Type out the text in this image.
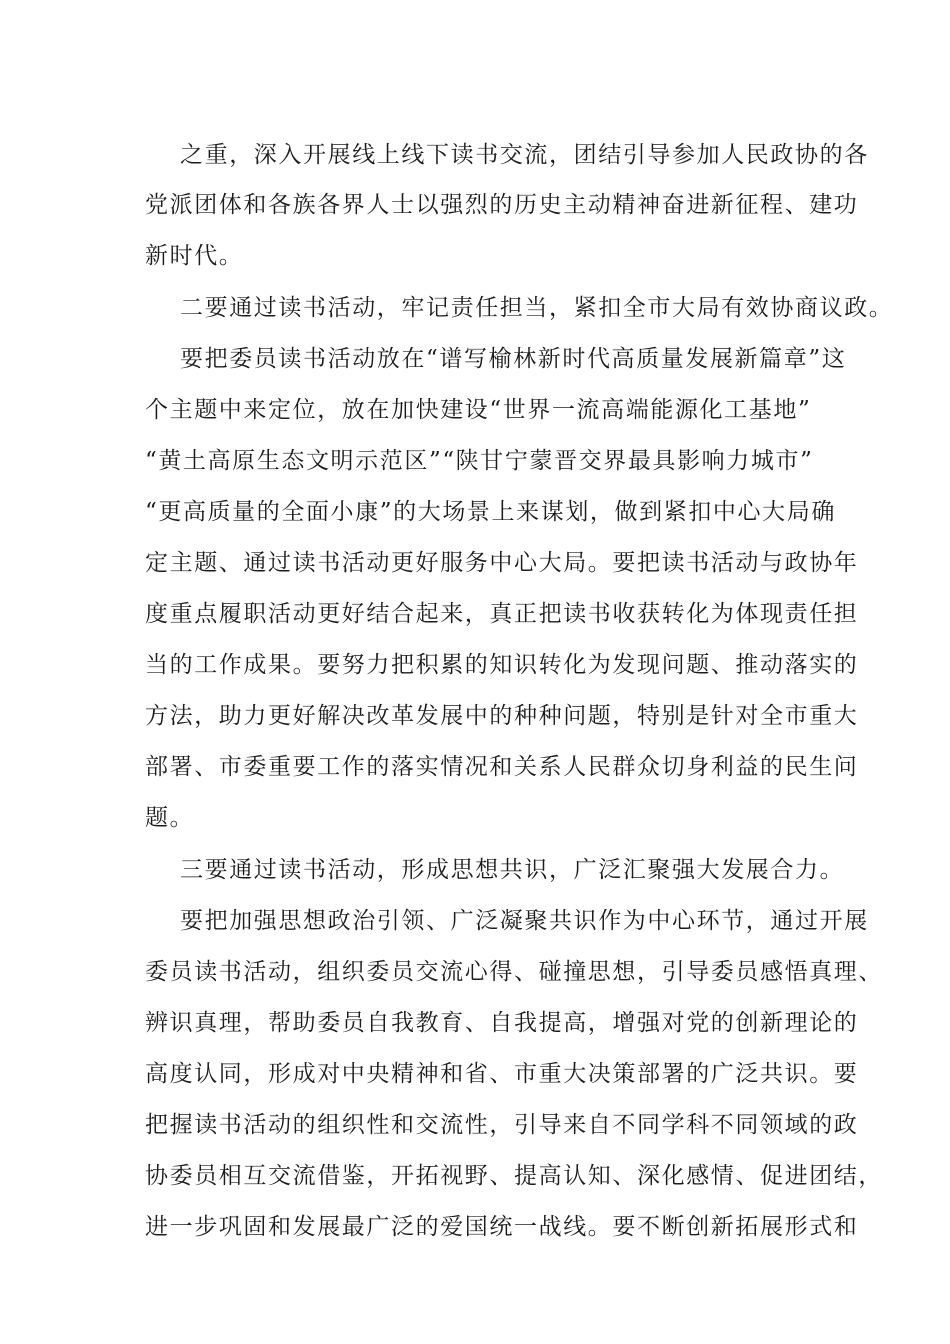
之重，深入开展线上线下读书交流，团结引导参加人民政协的各
党派团体和各族各界人士以强烈的历史主动精神奋进新征程、建功
新时代。
二要通过读书活动，牢记责任担当，紧扣全市大局有效协商议政。
要把委员读书活动放在“谱写榆林新时代高质量发展新篇章”这
个主题中来定位，放在加快建设“世界一流高端能源化工基地”
“黄土高原生态文明示范区”“陕甘宁蒙晋交界最具影响力城市”
“更高质量的全面小康”的大场景上来谋划，做到紧扣中心大局确
定主题、通过读书活动更好服务中心大局。要把读书活动与政协年
度重点履职活动更好结合起来，真正把读书收获转化为体现责任担
当的工作成果。要努力把积累的知识转化为发现问题、推动落实的
方法，助力更好解决改革发展中的种种问题，特别是针对全市重大
部署、市委重要工作的落实情况和关系人民群众切身利益的民生问
题。
三要通过读书活动，形成思想共识，广泛汇聚强大发展合力。
要把加强思想政治引领、广泛凝聚共识作为中心环节，通过开展
委员读书活动，组织委员交流心得、碰撞思想，引导委员感悟真理、
辨识真理，帮助委员自我教育、自我提高，增强对党的创新理论的
高度认同，形成对中央精神和省、市重大决策部署的广泛共识。要
把握读书活动的组织性和交流性，引导来自不同学科不同领域的政
协委员相互交流借鉴，开拓视野、提高认知、深化感情、促进团结，
进一步巩固和发展最广泛的爱国统一战线。要不断创新拓展形式和
